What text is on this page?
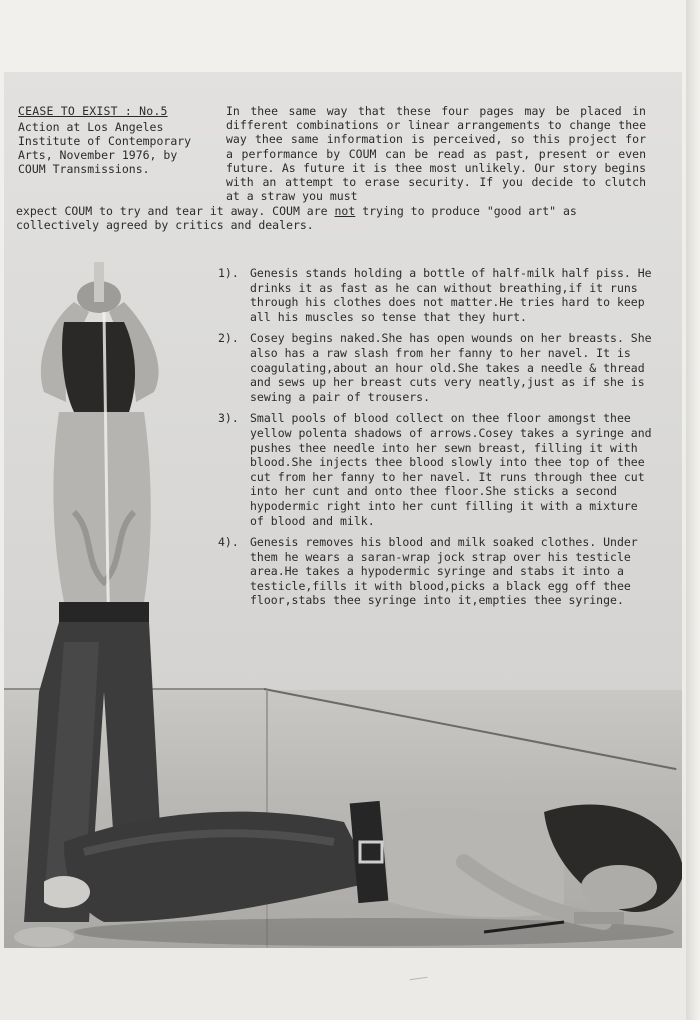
CEASE TO EXIST : No.5
Action at Los Angeles
Institute of Contemporary
Arts, November 1976, by
COUM Transmissions.
In thee same way that these four pages may be placed in different combinations or linear arrangements to change thee way thee same information is perceived, so this project for a performance by COUM can be read as past, present or even future. As future it is thee most unlikely. Our story begins with an attempt to erase security. If you decide to clutch at a straw you must
expect COUM to try and tear it away. COUM are not trying to produce "good art" as collectively agreed by critics and dealers.
1). Genesis stands holding a bottle of half-milk half piss. He drinks it as fast as he can without breathing,if it runs through his clothes does not matter.He tries hard to keep all his muscles so tense that they hurt.
2). Cosey begins naked.She has open wounds on her breasts. She also has a raw slash from her fanny to her navel. It is coagulating,about an hour old.She takes a needle & thread and sews up her breast cuts very neatly,just as if she is sewing a pair of trousers.
3). Small pools of blood collect on thee floor amongst thee yellow polenta shadows of arrows.Cosey takes a syringe and pushes thee needle into her sewn breast, filling it with blood.She injects thee blood slowly into thee top of thee cut from her fanny to her navel. It runs through thee cut into her cunt and onto thee floor.She sticks a second hypodermic right into her cunt filling it with a mixture of blood and milk.
4). Genesis removes his blood and milk soaked clothes. Under them he wears a saran-wrap jock strap over his testicle area.He takes a hypodermic syringe and stabs it into a testicle,fills it with blood,picks a black egg off thee floor,stabs thee syringe into it,empties thee syringe.
